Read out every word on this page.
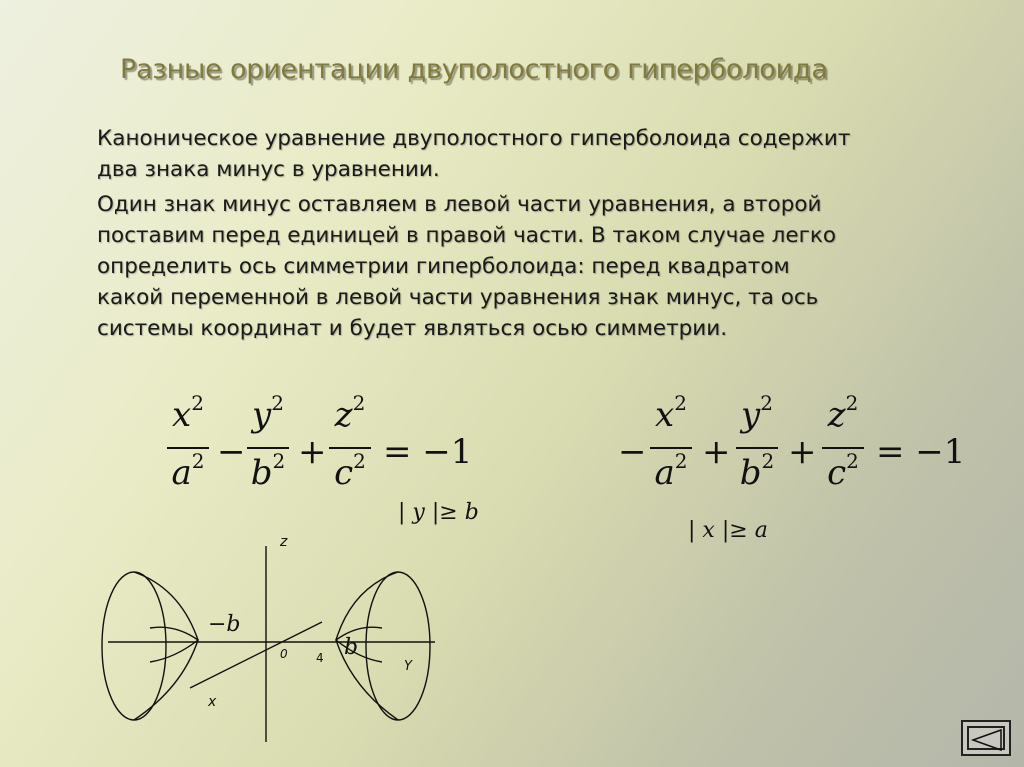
Разные ориентации двуполостного гиперболоида
Каноническое уравнение двуполостного гиперболоида содержит
два знака минус в уравнении.
Один знак минус оставляем в левой части уравнения, а второй
поставим перед единицей в правой части. В таком случае легко
определить ось симметрии гиперболоида: перед квадратом
какой переменной в левой части уравнения знак минус, та ось
системы координат и будет являться осью симметрии.
$x^2$
$a^2$ −
$y^2$
$b^2$ +
$z^2$
$c^2 = -1$
| y |≥ b
−
$x^2$
$a^2$ +
$y^2$
$b^2$ +
$z^2$
$c^2 = -1$
| x |≥ a
z
x
Y
0 4
−b
b
